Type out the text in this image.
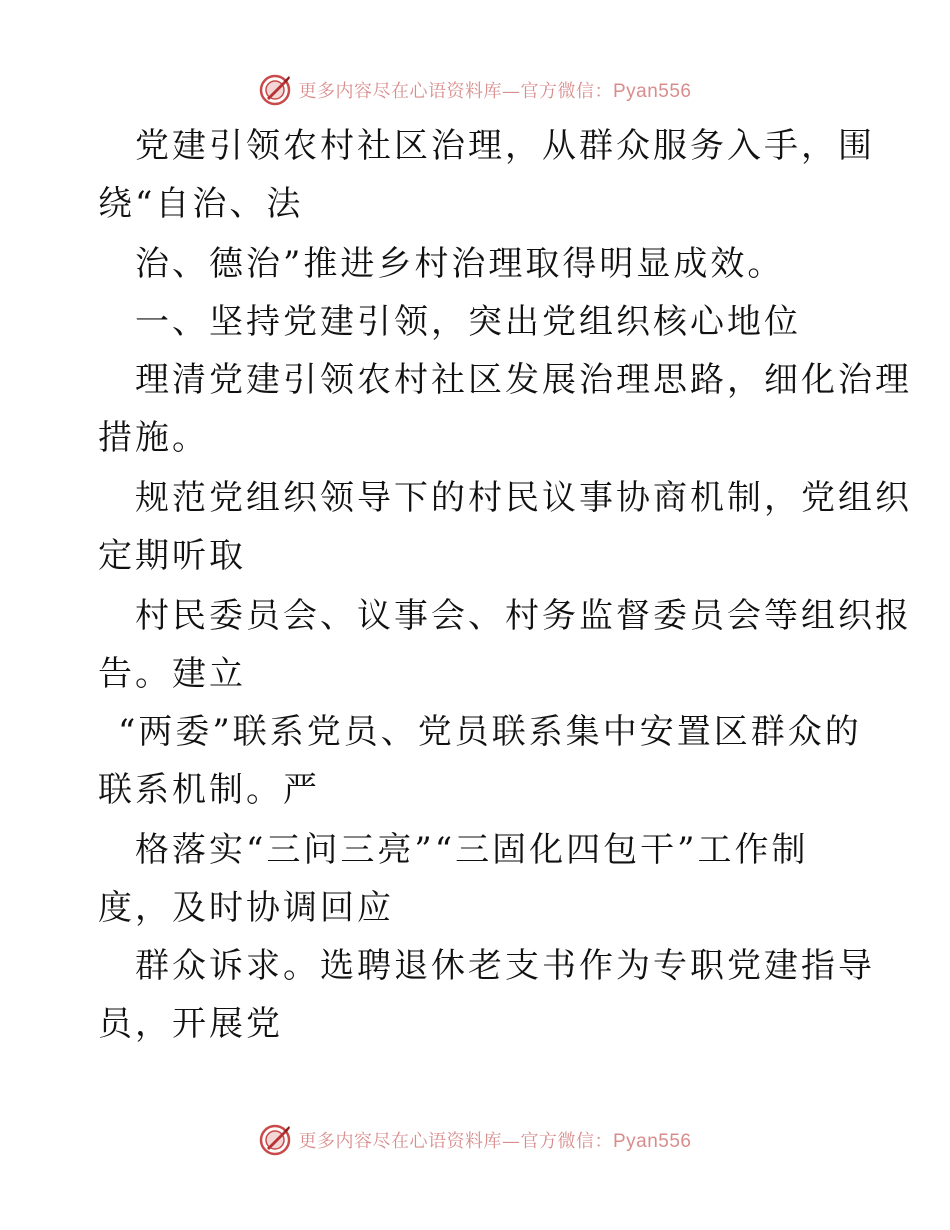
更多内容尽在心语资料库—官方微信：Pyan556
党建引领农村社区治理，从群众服务入手，围
绕“自治、法
治、德治”推进乡村治理取得明显成效。
一、坚持党建引领，突出党组织核心地位
理清党建引领农村社区发展治理思路，细化治理
措施。
规范党组织领导下的村民议事协商机制，党组织
定期听取
村民委员会、议事会、村务监督委员会等组织报
告。建立
“两委”联系党员、党员联系集中安置区群众的
联系机制。严
格落实“三问三亮”“三固化四包干”工作制
度，及时协调回应
群众诉求。选聘退休老支书作为专职党建指导
员，开展党
更多内容尽在心语资料库—官方微信：Pyan556
